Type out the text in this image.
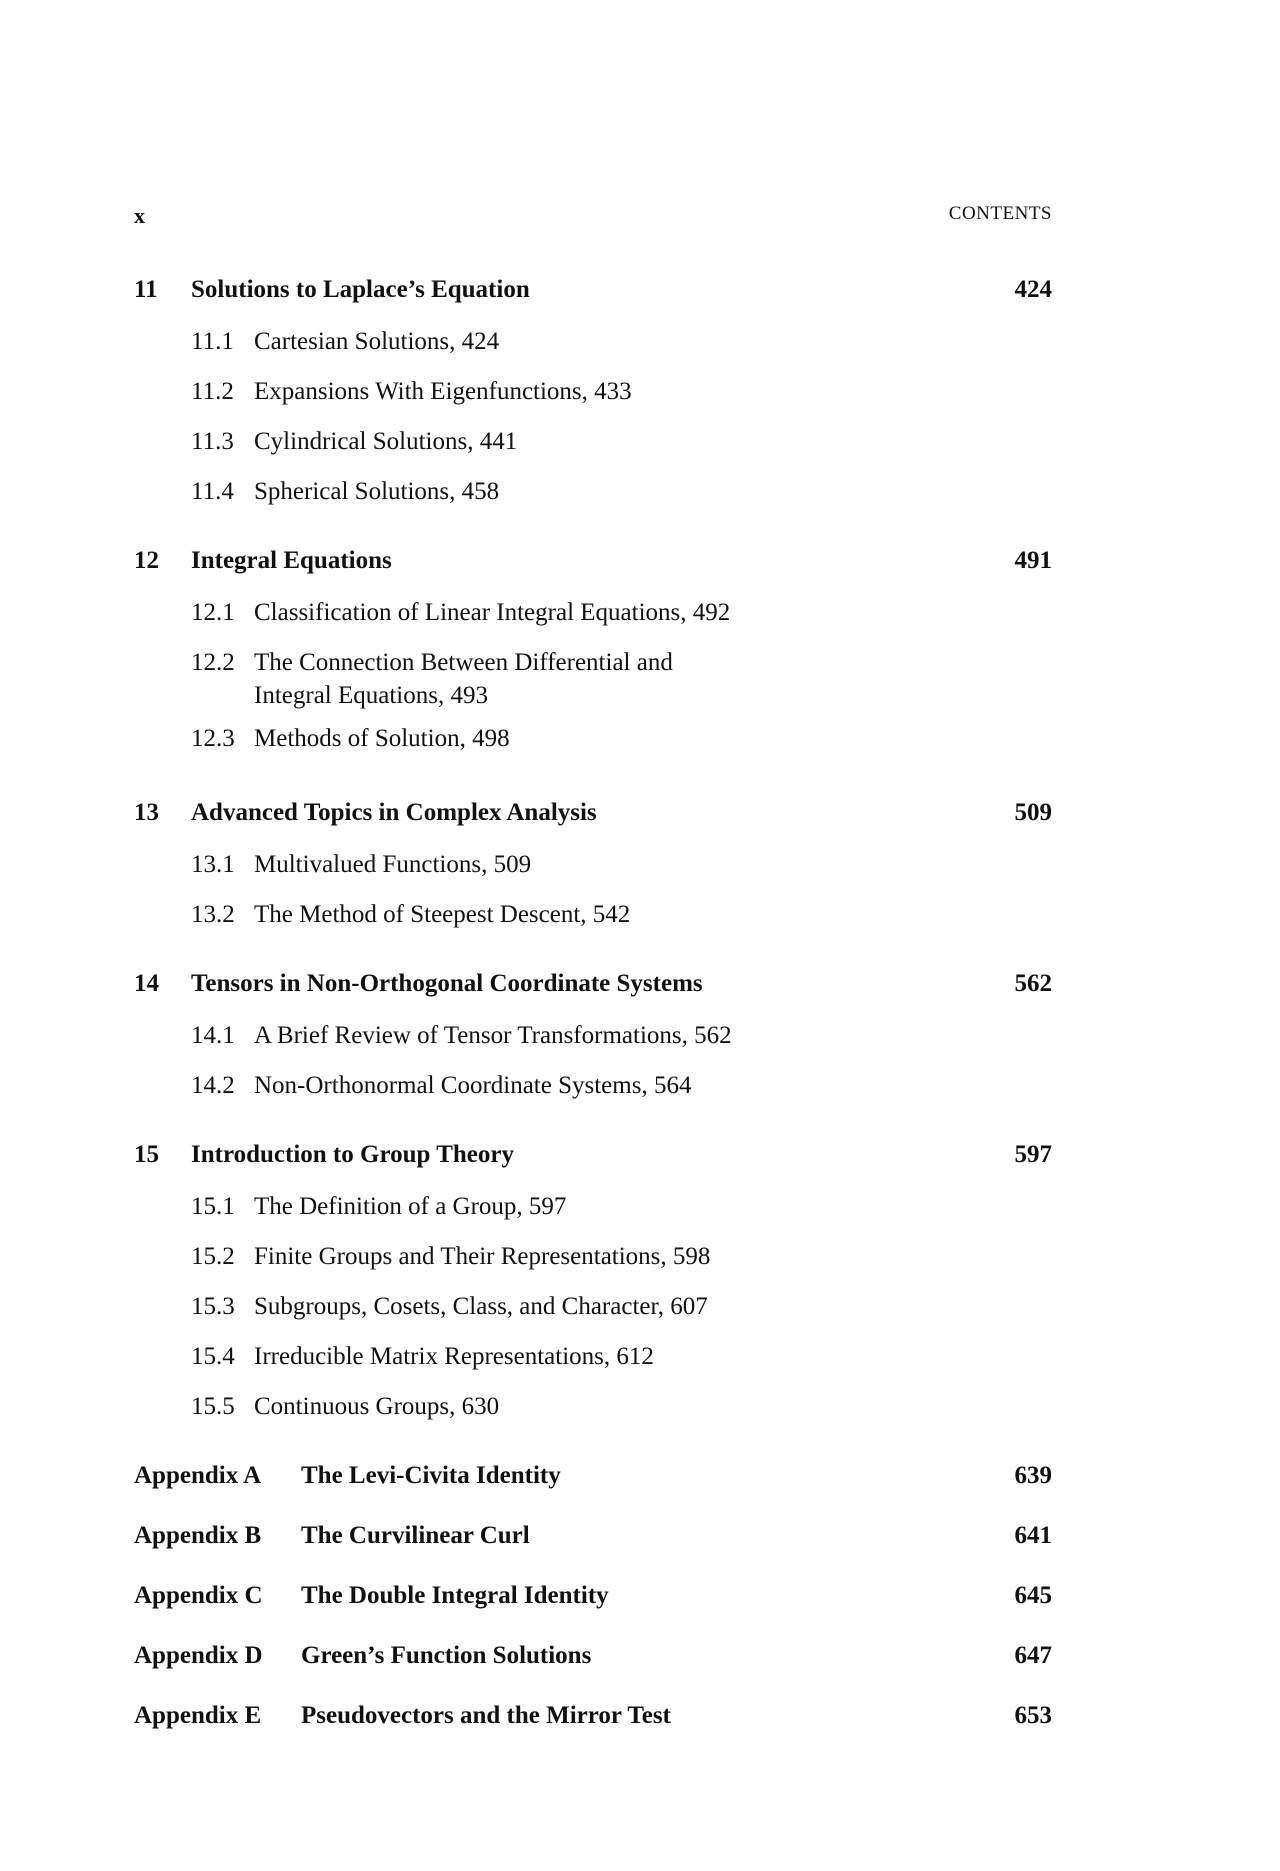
x	CONTENTS
11 Solutions to Laplace’s Equation	424
11.1 Cartesian Solutions, 424
11.2 Expansions With Eigenfunctions, 433
11.3 Cylindrical Solutions, 441
11.4 Spherical Solutions, 458
12 Integral Equations	491
12.1 Classification of Linear Integral Equations, 492
12.2 The Connection Between Differential and Integral Equations, 493
12.3 Methods of Solution, 498
13 Advanced Topics in Complex Analysis	509
13.1 Multivalued Functions, 509
13.2 The Method of Steepest Descent, 542
14 Tensors in Non-Orthogonal Coordinate Systems	562
14.1 A Brief Review of Tensor Transformations, 562
14.2 Non-Orthonormal Coordinate Systems, 564
15 Introduction to Group Theory	597
15.1 The Definition of a Group, 597
15.2 Finite Groups and Their Representations, 598
15.3 Subgroups, Cosets, Class, and Character, 607
15.4 Irreducible Matrix Representations, 612
15.5 Continuous Groups, 630
Appendix A The Levi-Civita Identity	639
Appendix B The Curvilinear Curl	641
Appendix C The Double Integral Identity	645
Appendix D Green’s Function Solutions	647
Appendix E Pseudovectors and the Mirror Test	653
